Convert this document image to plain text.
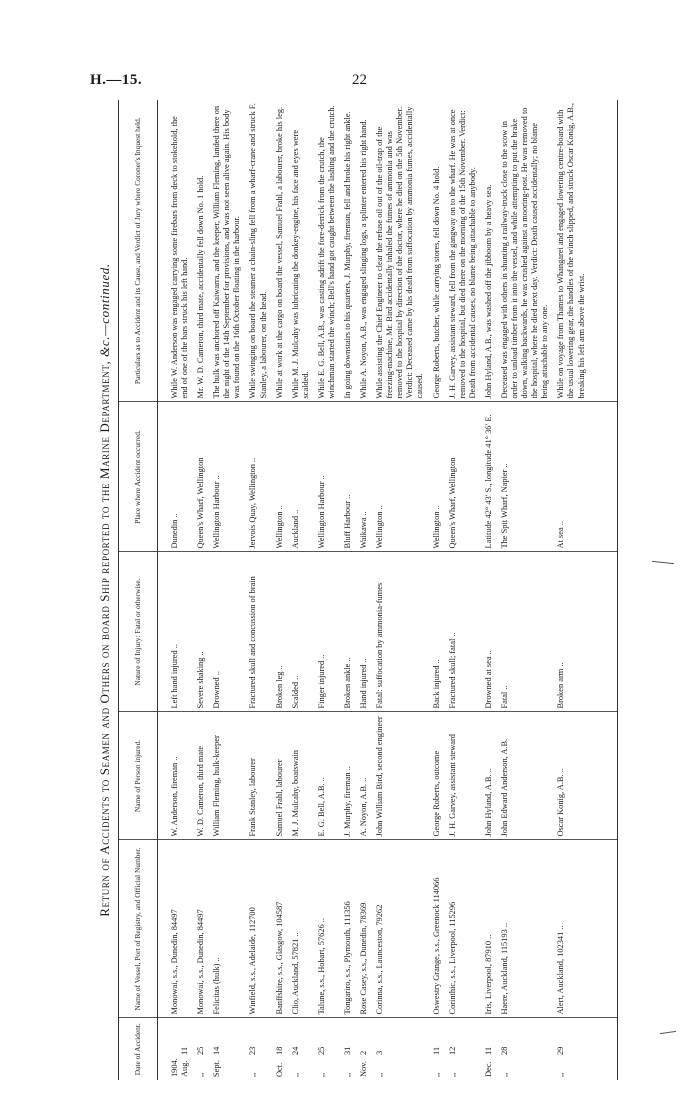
H.—15.	22
Return of Accidents to Seamen and Others on board Ship reported to the Marine Department, &c.—continued.
Date of Accident.	Name of Vessel, Port of Registry, and Official Number.	Name of Person injured.	Nature of Injury: Fatal or otherwise.	Place where Accident occurred.	Particulars as to Accident and its Cause, and Verdict of Jury where Coroner's Inquest held.

1904. Aug.11	Monowai, s.s., Dunedin, 84497	W. Anderson, fireman ..	Left hand injured ..	Dunedin ..	While W. Anderson was engaged carrying some firebars from deck to stokehold, the end of one of the bars struck his left hand.
,,25	Monowai, s.s., Dunedin, 84497	W. D. Cameron, third mate	Severe shaking ..	Queen's Wharf, Wellington	Mr. W. D. Cameron, third mate, accidentally fell down No. 1 hold.
Sept.14	Felicitas (hulk) ..	William Fleming, hulk-keeper	Drowned ..	Wellington Harbour ..	The hulk was anchored off Kaiwarra, and the keeper, William Fleming, landed there on the night of the 14th September for provisions, and was not seen alive again. His body was found on the 16th October floating in the harbour.
,,23	Winfield, s.s., Adelaide, 112700	Frank Stanley, labourer	Fractured skull and concussion of brain	Jervois Quay, Wellington ..	While swinging on board the steamer a chain-sling fell from a wharf-crane and struck F. Stanley, a labourer, on the head.
Oct.18	Banffshire, s.s., Glasgow, 104587	Samuel Frahl, labourer	Broken leg ..	Wellington ..	While at work at the cargo on board the vessel, Samuel Frahl, a labourer, broke his leg.
,,24	Clio, Auckland, 57821 ..	M. J. Mulcahy, boatswain	Scalded ..	Auckland ..	While M. J. Mulcahy was lubricating the donkey-engine, his face and eyes were scalded.
,,25	Talune, s.s., Hobart, 57626 ..	E. G. Bell, A.B. ..	Finger injured ..	Wellington Harbour ..	While E. G. Bell, A.B., was casting adrift the fore-derrick from the crutch, the winchman started the winch; Bell's hand got caught between the lashing and the crutch.
,,31	Tongariro, s.s., Plymouth, 111356	J. Murphy, fireman ..	Broken ankle ..	Bluff Harbour ..	In going downstairs to his quarters, J. Murphy, fireman, fell and broke his right ankle.
Nov.2	Rose Casey, s.s., Dunedin, 78369	A. Noyon, A.B. ..	Hand injured ..	Waikawa ..	While A. Noyon, A.B., was engaged slinging logs, a splinter entered his right hand.
,,3	Corinna, s.s., Launceston, 79262	John William Bird, second engineer	Fatal: suffocation by ammonia-fumes	Wellington ..	While assisting the Chief Engineer to clear the refuse oil out of the oil-trap of the freezing-machine, Mr. Bird accidentally inhaled the fumes of ammonia and was removed to the hospital by direction of the doctor, where he died on the 5th November. Verdict: Deceased came by his death from suffocation by ammonia fumes, accidentally caused.
,,11	Oswestry Grange, s.s., Greenock 114066	George Roberts, outcome	Back injured ..	Wellington ..	George Roberts, butcher, while carrying stores, fell down No. 4 hold.
,,12	Corinthic, s.s., Liverpool, 115296	J. H. Garvey, assistant steward	Fractured skull; fatal ..	Queen's Wharf, Wellington	J. H. Garvey, assistant steward, fell from the gangway on to the wharf. He was at once removed to the hospital, but died there on the morning of the 15th November. Verdict: Death from accidental causes, no blame being attachable to anybody.
Dec.11	Iris, Liverpool, 87910 ..	John Hyland, A.B. ..	Drowned at sea ..	Latitude 42° 43′ S., longitude 41° 36′ E.	John Hyland, A.B., was washed off the jibboom by a heavy sea.
,,28	Haere, Auckland, 115193 ..	John Edward Anderson, A.B.	Fatal ..	The Spit Wharf, Napier ..	Deceased was engaged with others in shunting a railway-truck close to the scow in order to unload timber from it into the vessel, and while attempting to put the brake down, walking backwards, he was crushed against a mooring-post. He was removed to the hospital, where he died next day. Verdict: Death caused accidentally; no blame being attachable to any one.
,,29	Alert, Auckland, 102341 ..	Oscar Konig, A.B. ..	Broken arm ..	At sea ..	While on voyage from Thames to Whangarei and engaged lowering centre-board with the usual lowering gear, the handles of the winch slipped, and struck Oscar Konig, A.B., breaking his left arm above the wrist.
